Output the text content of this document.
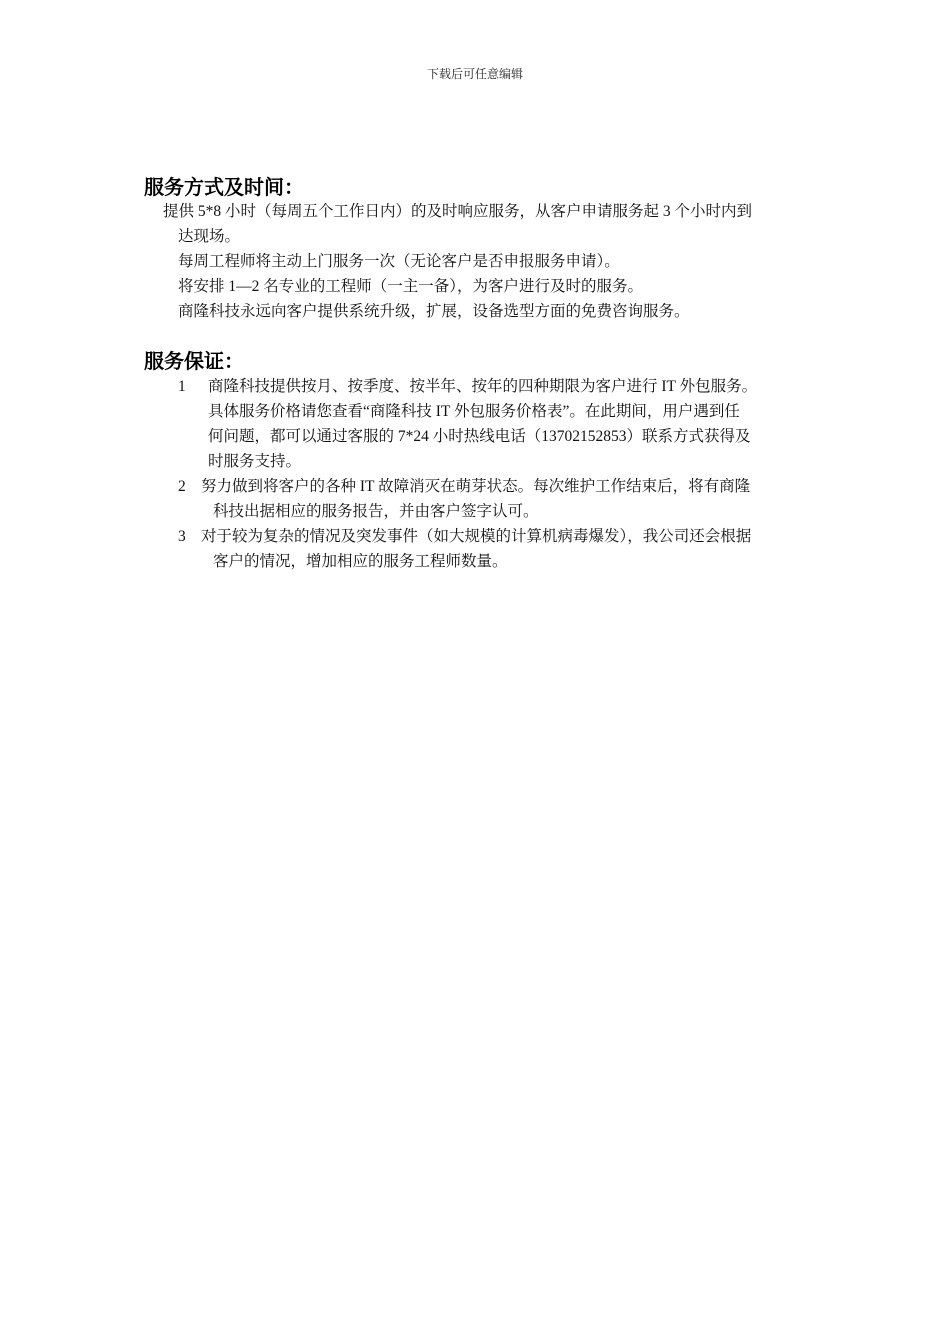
下载后可任意编辑
服务方式及时间：
提供 5*8 小时（每周五个工作日内）的及时响应服务，从客户申请服务起 3 个小时内到
达现场。
每周工程师将主动上门服务一次（无论客户是否申报服务申请）。
将安排 1—2 名专业的工程师（一主一备），为客户进行及时的服务。
商隆科技永远向客户提供系统升级，扩展，设备选型方面的免费咨询服务。
服务保证：
1	商隆科技提供按月、按季度、按半年、按年的四种期限为客户进行 IT 外包服务。
具体服务价格请您查看“商隆科技 IT 外包服务价格表”。在此期间，用户遇到任
何问题，都可以通过客服的 7*24 小时热线电话（13702152853）联系方式获得及
时服务支持。
2 努力做到将客户的各种 IT 故障消灭在萌芽状态。每次维护工作结束后，将有商隆
科技出据相应的服务报告，并由客户签字认可。
3 对于较为复杂的情况及突发事件（如大规模的计算机病毒爆发），我公司还会根据
客户的情况，增加相应的服务工程师数量。
